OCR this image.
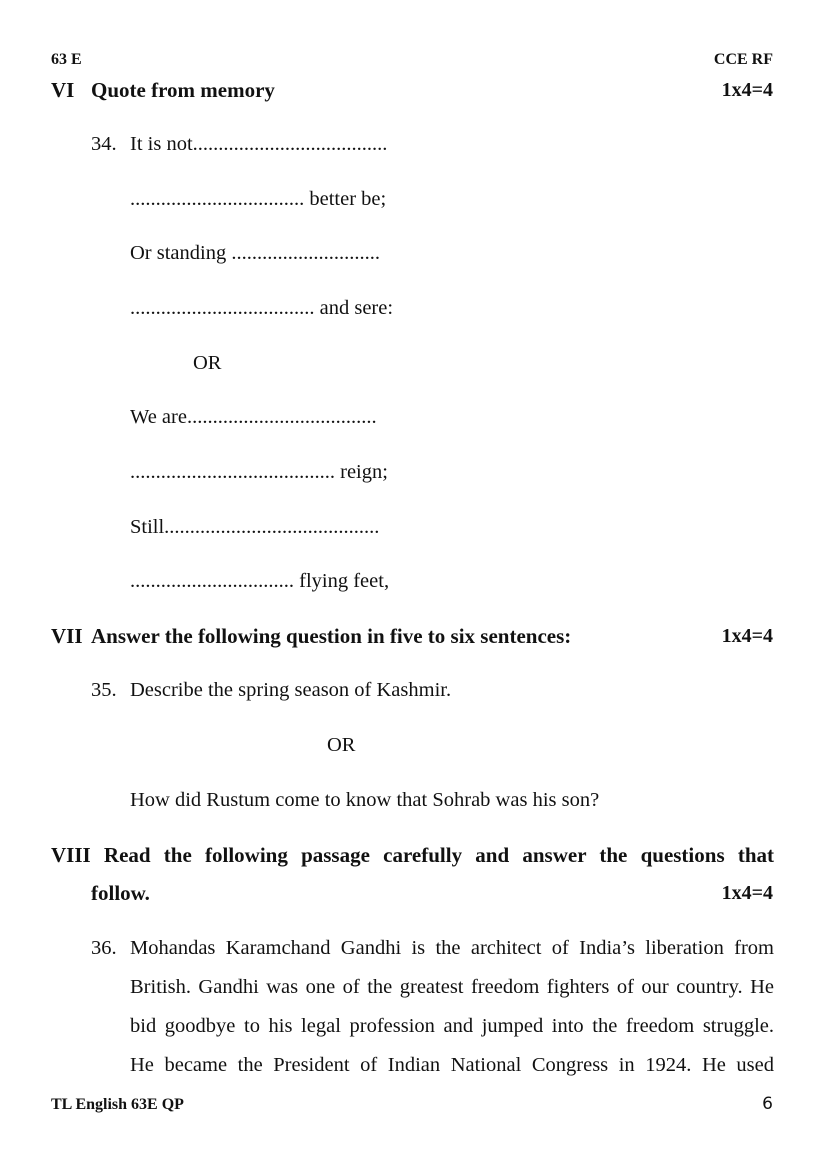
63 E	CCE RF
VI Quote from memory	1x4=4
34. It is not......................................
.................................. better be;
Or standing .............................
.................................... and sere:
OR
We are.....................................
........................................ reign;
Still..........................................
................................ flying feet,
VII Answer the following question in five to six sentences:	1x4=4
35. Describe the spring season of Kashmir.
OR
How did Rustum come to know that Sohrab was his son?
VIII Read the following passage carefully and answer the questions that
follow.	1x4=4
36. Mohandas Karamchand Gandhi is the architect of India’s liberation from
British. Gandhi was one of the greatest freedom fighters of our country. He
bid goodbye to his legal profession and jumped into the freedom struggle.
He became the President of Indian National Congress in 1924. He used
TL English 63E QP	6
